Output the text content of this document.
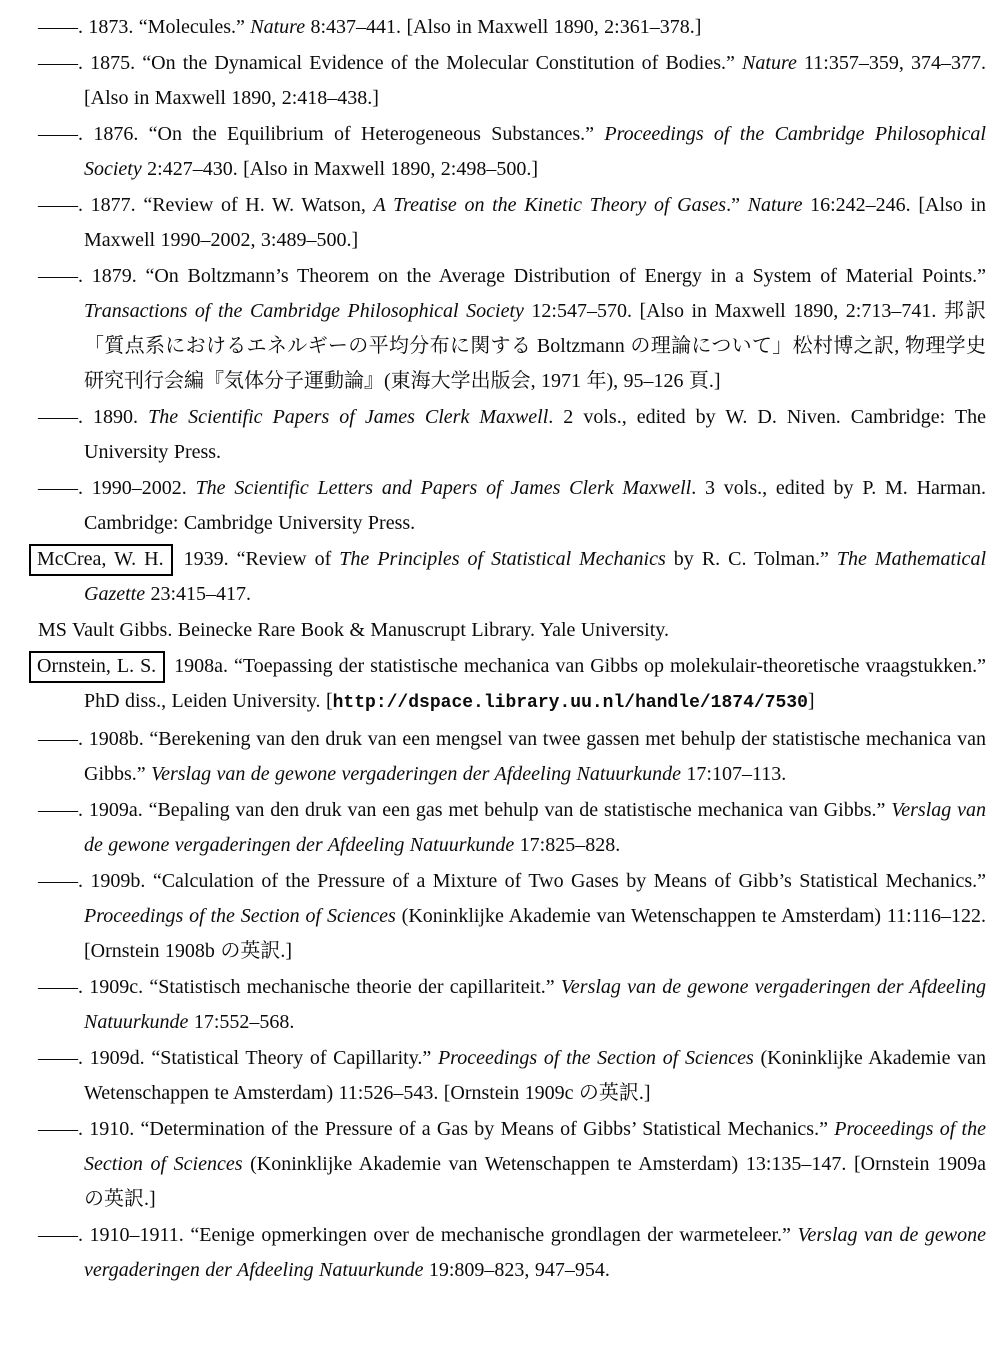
——. 1873. “Molecules.” Nature 8:437–441. [Also in Maxwell 1890, 2:361–378.]
——. 1875. “On the Dynamical Evidence of the Molecular Constitution of Bodies.” Nature 11:357–359, 374–377. [Also in Maxwell 1890, 2:418–438.]
——. 1876. “On the Equilibrium of Heterogeneous Substances.” Proceedings of the Cambridge Philosophical Society 2:427–430. [Also in Maxwell 1890, 2:498–500.]
——. 1877. “Review of H. W. Watson, A Treatise on the Kinetic Theory of Gases.” Nature 16:242–246. [Also in Maxwell 1990–2002, 3:489–500.]
——. 1879. “On Boltzmann’s Theorem on the Average Distribution of Energy in a System of Material Points.” Transactions of the Cambridge Philosophical Society 12:547–570. [Also in Maxwell 1890, 2:713–741. 邦訳「質点系におけるエネルギーの平均分布に関する Boltzmann の理論について」松村博之訳, 物理学史研究刊行会編『気体分子運動論』(東海大学出版会, 1971 年), 95–126 頁.]
——. 1890. The Scientific Papers of James Clerk Maxwell. 2 vols., edited by W. D. Niven. Cambridge: The University Press.
——. 1990–2002. The Scientific Letters and Papers of James Clerk Maxwell. 3 vols., edited by P. M. Harman. Cambridge: Cambridge University Press.
McCrea, W. H. 1939. “Review of The Principles of Statistical Mechanics by R. C. Tolman.” The Mathematical Gazette 23:415–417.
MS Vault Gibbs. Beinecke Rare Book & Manuscrupt Library. Yale University.
Ornstein, L. S. 1908a. “Toepassing der statistische mechanica van Gibbs op molekulair-theoretische vraagstukken.” PhD diss., Leiden University. [http://dspace.library.uu.nl/handle/1874/7530]
——. 1908b. “Berekening van den druk van een mengsel van twee gassen met behulp der statistische mechanica van Gibbs.” Verslag van de gewone vergaderingen der Afdeeling Natuurkunde 17:107–113.
——. 1909a. “Bepaling van den druk van een gas met behulp van de statistische mechanica van Gibbs.” Verslag van de gewone vergaderingen der Afdeeling Natuurkunde 17:825–828.
——. 1909b. “Calculation of the Pressure of a Mixture of Two Gases by Means of Gibb’s Statistical Mechanics.” Proceedings of the Section of Sciences (Koninklijke Akademie van Wetenschappen te Amsterdam) 11:116–122. [Ornstein 1908b の英訳.]
——. 1909c. “Statistisch mechanische theorie der capillariteit.” Verslag van de gewone vergaderingen der Afdeeling Natuurkunde 17:552–568.
——. 1909d. “Statistical Theory of Capillarity.” Proceedings of the Section of Sciences (Koninklijke Akademie van Wetenschappen te Amsterdam) 11:526–543. [Ornstein 1909c の英訳.]
——. 1910. “Determination of the Pressure of a Gas by Means of Gibbs’ Statistical Mechanics.” Proceedings of the Section of Sciences (Koninklijke Akademie van Wetenschappen te Amsterdam) 13:135–147. [Ornstein 1909a の英訳.]
——. 1910–1911. “Eenige opmerkingen over de mechanische grondlagen der warmeteleer.” Verslag van de gewone vergaderingen der Afdeeling Natuurkunde 19:809–823, 947–954.
